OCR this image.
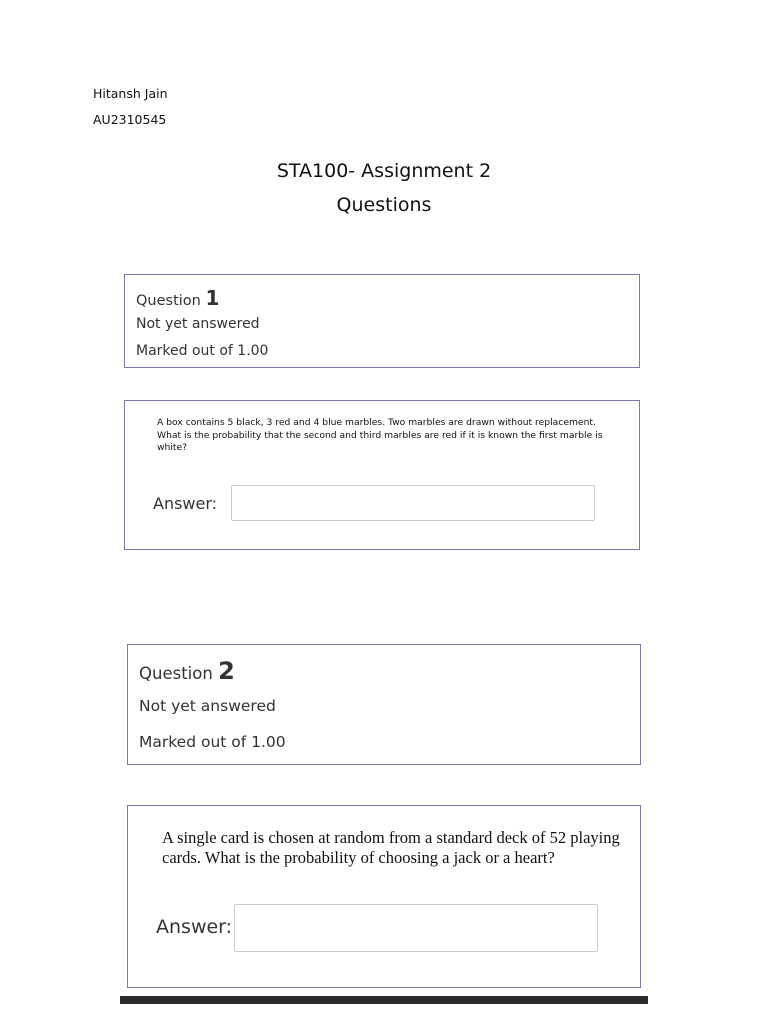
Hitansh Jain
AU2310545
STA100- Assignment 2
Questions
Question 1
Not yet answered
Marked out of 1.00
A box contains 5 black, 3 red and 4 blue marbles. Two marbles are drawn without replacement. What is the probability that the second and third marbles are red if it is known the first marble is white?
Answer:
Question 2
Not yet answered
Marked out of 1.00
A single card is chosen at random from a standard deck of 52 playing cards. What is the probability of choosing a jack or a heart?
Answer:
